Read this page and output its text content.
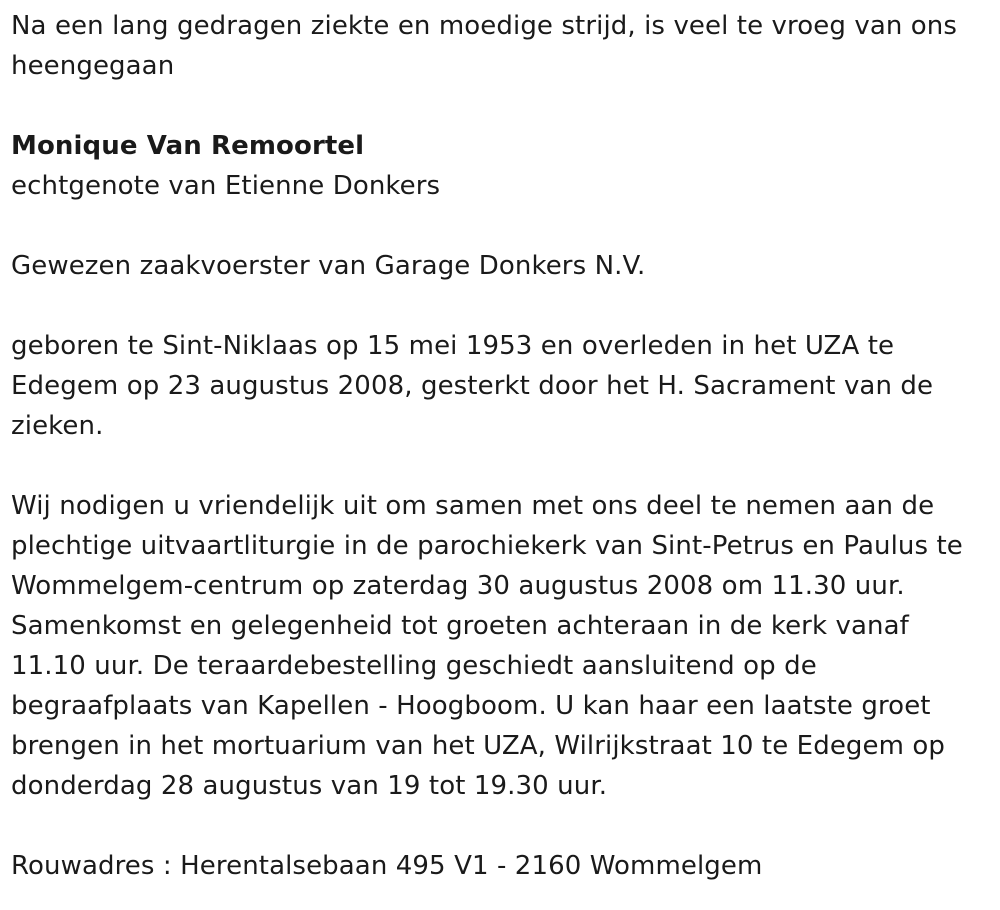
Na een lang gedragen ziekte en moedige strijd, is veel te vroeg van ons heengegaan

Monique Van Remoortel

echtgenote van Etienne Donkers

Gewezen zaakvoerster van Garage Donkers N.V.

geboren te Sint-Niklaas op 15 mei 1953 en overleden in het UZA te Edegem op 23 augustus 2008, gesterkt door het H. Sacrament van de zieken.

Wij nodigen u vriendelijk uit om samen met ons deel te nemen aan de plechtige uitvaartliturgie in de parochiekerk van Sint-Petrus en Paulus te Wommelgem-centrum op zaterdag 30 augustus 2008 om 11.30 uur. Samenkomst en gelegenheid tot groeten achteraan in de kerk vanaf 11.10 uur. De teraardebestelling geschiedt aansluitend op de begraafplaats van Kapellen - Hoogboom. U kan haar een laatste groet brengen in het mortuarium van het UZA, Wilrijkstraat 10 te Edegem op donderdag 28 augustus van 19 tot 19.30 uur.

Rouwadres : Herentalsebaan 495 V1 - 2160 Wommelgem
